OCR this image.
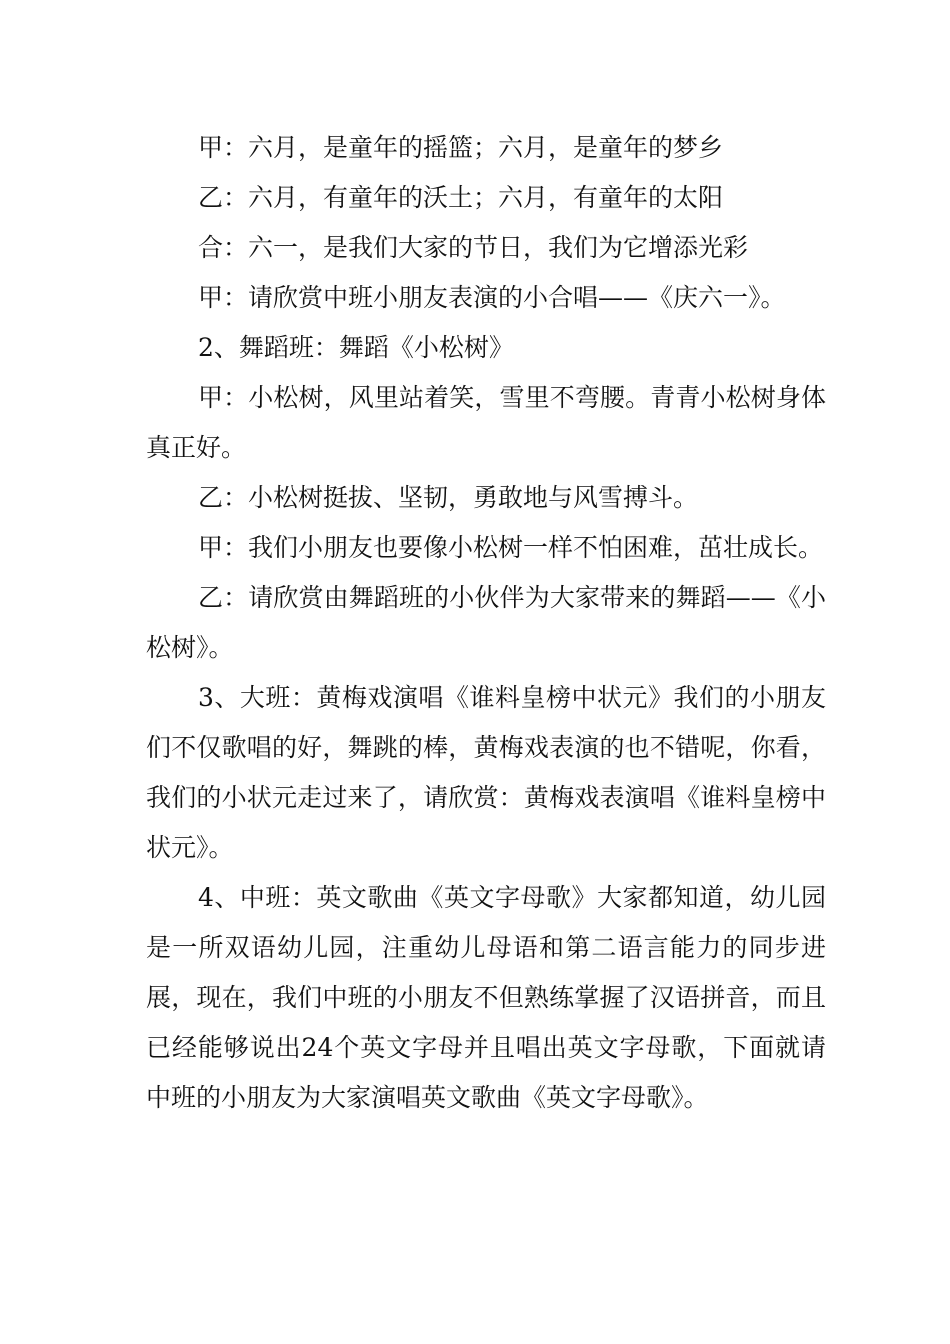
甲：六月，是童年的摇篮；六月，是童年的梦乡

乙：六月，有童年的沃土；六月，有童年的太阳

合：六一，是我们大家的节日，我们为它增添光彩

甲：请欣赏中班小朋友表演的小合唱——《庆六一》。

2、舞蹈班：舞蹈《小松树》

甲：小松树，风里站着笑，雪里不弯腰。青青小松树身体真正好。

乙：小松树挺拔、坚韧，勇敢地与风雪搏斗。

甲：我们小朋友也要像小松树一样不怕困难，茁壮成长。

乙：请欣赏由舞蹈班的小伙伴为大家带来的舞蹈——《小松树》。

3、大班：黄梅戏演唱《谁料皇榜中状元》我们的小朋友们不仅歌唱的好，舞跳的棒，黄梅戏表演的也不错呢，你看，我们的小状元走过来了，请欣赏：黄梅戏表演唱《谁料皇榜中状元》。

4、中班：英文歌曲《英文字母歌》大家都知道，幼儿园是一所双语幼儿园，注重幼儿母语和第二语言能力的同步进展，现在，我们中班的小朋友不但熟练掌握了汉语拼音，而且已经能够说出24个英文字母并且唱出英文字母歌，下面就请中班的小朋友为大家演唱英文歌曲《英文字母歌》。
